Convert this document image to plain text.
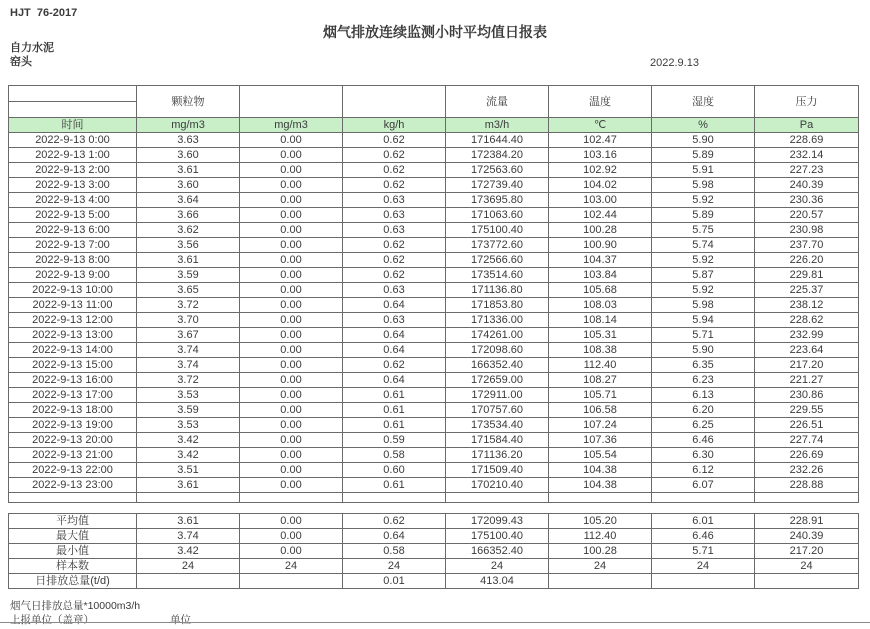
HJT  76-2017
烟气排放连续监测小时平均值日报表
自力水泥
窑头	2022.9.13
	颗粒物			流量	温度	湿度	压力

时间	mg/m3	mg/m3	kg/h	m3/h	℃	%	Pa
2022-9-13 0:00	3.63	0.00	0.62	171644.40	102.47	5.90	228.69
2022-9-13 1:00	3.60	0.00	0.62	172384.20	103.16	5.89	232.14
2022-9-13 2:00	3.61	0.00	0.62	172563.60	102.92	5.91	227.23
2022-9-13 3:00	3.60	0.00	0.62	172739.40	104.02	5.98	240.39
2022-9-13 4:00	3.64	0.00	0.63	173695.80	103.00	5.92	230.36
2022-9-13 5:00	3.66	0.00	0.63	171063.60	102.44	5.89	220.57
2022-9-13 6:00	3.62	0.00	0.63	175100.40	100.28	5.75	230.98
2022-9-13 7:00	3.56	0.00	0.62	173772.60	100.90	5.74	237.70
2022-9-13 8:00	3.61	0.00	0.62	172566.60	104.37	5.92	226.20
2022-9-13 9:00	3.59	0.00	0.62	173514.60	103.84	5.87	229.81
2022-9-13 10:00	3.65	0.00	0.63	171136.80	105.68	5.92	225.37
2022-9-13 11:00	3.72	0.00	0.64	171853.80	108.03	5.98	238.12
2022-9-13 12:00	3.70	0.00	0.63	171336.00	108.14	5.94	228.62
2022-9-13 13:00	3.67	0.00	0.64	174261.00	105.31	5.71	232.99
2022-9-13 14:00	3.74	0.00	0.64	172098.60	108.38	5.90	223.64
2022-9-13 15:00	3.74	0.00	0.62	166352.40	112.40	6.35	217.20
2022-9-13 16:00	3.72	0.00	0.64	172659.00	108.27	6.23	221.27
2022-9-13 17:00	3.53	0.00	0.61	172911.00	105.71	6.13	230.86
2022-9-13 18:00	3.59	0.00	0.61	170757.60	106.58	6.20	229.55
2022-9-13 19:00	3.53	0.00	0.61	173534.40	107.24	6.25	226.51
2022-9-13 20:00	3.42	0.00	0.59	171584.40	107.36	6.46	227.74
2022-9-13 21:00	3.42	0.00	0.58	171136.20	105.54	6.30	226.69
2022-9-13 22:00	3.51	0.00	0.60	171509.40	104.38	6.12	232.26
2022-9-13 23:00	3.61	0.00	0.61	170210.40	104.38	6.07	228.88

平均值	3.61	0.00	0.62	172099.43	105.20	6.01	228.91
最大值	3.74	0.00	0.64	175100.40	112.40	6.46	240.39
最小值	3.42	0.00	0.58	166352.40	100.28	5.71	217.20
样本数	24	24	24	24	24	24	24
日排放总量(t/d)			0.01	413.04			
烟气日排放总量*10000m3/h
上报单位（盖章）	单位
